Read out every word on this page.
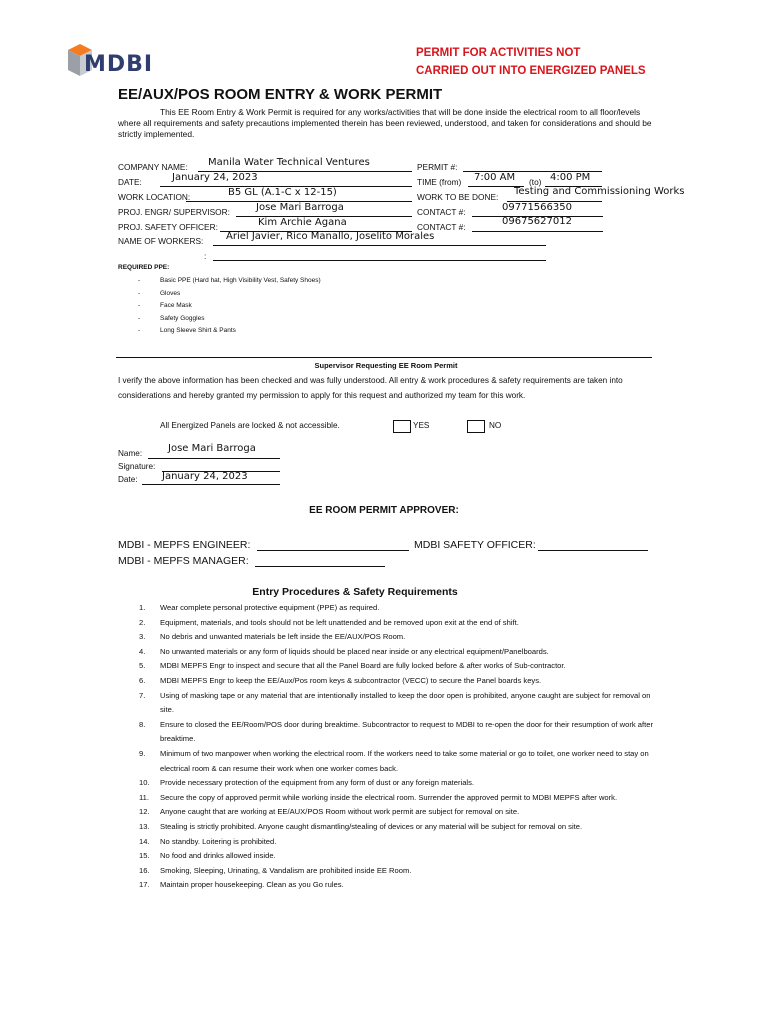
MDBI	PERMIT FOR ACTIVITIES NOT
CARRIED OUT INTO ENERGIZED PANELS
EE/AUX/POS ROOM ENTRY & WORK PERMIT
This EE Room Entry & Work Permit is required for any works/activities that will be done inside the electrical room to all floor/levels where all requirements and safety precautions implemented therein has been reviewed, understood, and taken for considerations and should be strictly implemented.
COMPANY NAME: Manila Water Technical Ventures
DATE:	January 24, 2023
WORK LOCATION:	B5 GL (A.1-C x 12-15)
PROJ. ENGR/ SUPERVISOR:	Jose Mari Barroga
PROJ. SAFETY OFFICER:	Kim Archie Agana
NAME OF WORKERS: Ariel Javier, Rico Manallo, Joselito Morales
:
PERMIT #:
TIME (from) 7:00 AM (to) 4:00 PM
WORK TO BE DONE: Testing and Commissioning Works
CONTACT #:	09771566350
CONTACT #:	09675627012
REQUIRED PPE:
-	Basic PPE (Hard hat, High Visibility Vest, Safety Shoes)
-	Gloves
-	Face Mask
-	Safety Goggles
-	Long Sleeve Shirt & Pants
Supervisor Requesting EE Room Permit
I verify the above information has been checked and was fully understood. All entry & work procedures & safety requirements are taken into considerations and hereby granted my permission to apply for this request and authorized my team for this work.
All Energized Panels are locked & not accessible.	YES	NO
Name:	Jose Mari Barroga
Signature:
Date: January 24, 2023
EE ROOM PERMIT APPROVER:
MDBI - MEPFS ENGINEER:	MDBI SAFETY OFFICER:
MDBI - MEPFS MANAGER:
Entry Procedures & Safety Requirements
1. Wear complete personal protective equipment (PPE) as required.
2. Equipment, materials, and tools should not be left unattended and be removed upon exit at the end of shift.
3. No debris and unwanted materials be left inside the EE/AUX/POS Room.
4. No unwanted materials or any form of liquids should be placed near inside or any electrical equipment/Panelboards.
5. MDBI MEPFS Engr to inspect and secure that all the Panel Board are fully locked before & after works of Sub-contractor.
6. MDBI MEPFS Engr to keep the EE/Aux/Pos room keys & subcontractor (VECC) to secure the Panel boards keys.
7. Using of masking tape or any material that are intentionally installed to keep the door open is prohibited, anyone caught are subject for removal on site.
8. Ensure to closed the EE/Room/POS door during breaktime. Subcontractor to request to MDBI to re-open the door for their resumption of work after breaktime.
9. Minimum of two manpower when working the electrical room. If the workers need to take some material or go to toilet, one worker need to stay on electrical room & can resume their work when one worker comes back.
10. Provide necessary protection of the equipment from any form of dust or any foreign materials.
11. Secure the copy of approved permit while working inside the electrical room. Surrender the approved permit to MDBI MEPFS after work.
12. Anyone caught that are working at EE/AUX/POS Room without work permit are subject for removal on site.
13. Stealing is strictly prohibited. Anyone caught dismantling/stealing of devices or any material will be subject for removal on site.
14. No standby. Loitering is prohibited.
15. No food and drinks allowed inside.
16. Smoking, Sleeping, Urinating, & Vandalism are prohibited inside EE Room.
17. Maintain proper housekeeping. Clean as you Go rules.
